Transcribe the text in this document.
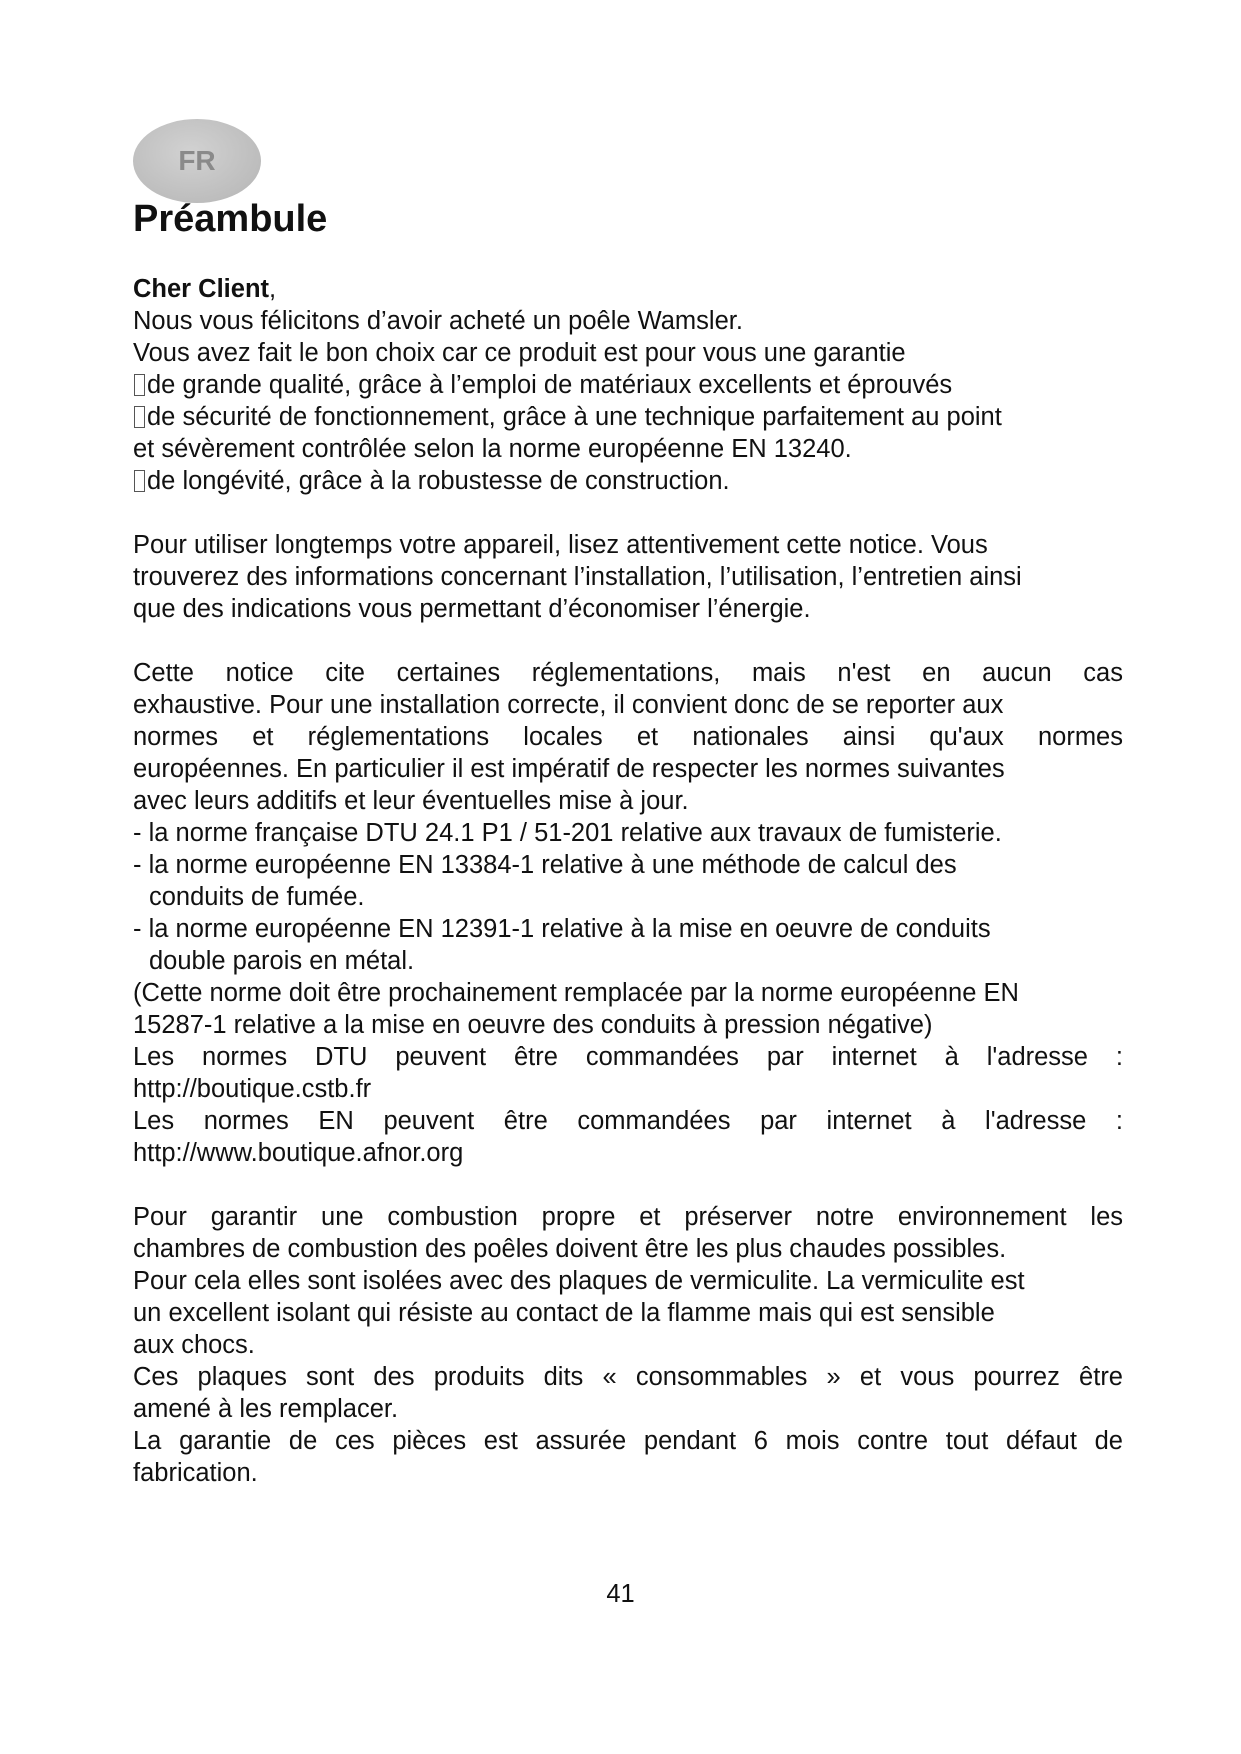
FR
Préambule

Cher Client,

Nous vous félicitons d’avoir acheté un poêle Wamsler.

Vous avez fait le bon choix car ce produit est pour vous une garantie

de grande qualité, grâce à l’emploi de matériaux excellents et éprouvés

de sécurité de fonctionnement, grâce à une technique parfaitement au point

et sévèrement contrôlée selon la norme européenne EN 13240.

de longévité, grâce à la robustesse de construction.

Pour utiliser longtemps votre appareil, lisez attentivement cette notice. Vous

trouverez des informations concernant l’installation, l’utilisation, l’entretien ainsi

que des indications vous permettant d’économiser l’énergie.

Cette notice cite certaines réglementations, mais n'est en aucun cas

exhaustive. Pour une installation correcte, il convient donc de se reporter aux

normes et réglementations locales et nationales ainsi qu'aux normes

européennes. En particulier il est impératif de respecter les normes suivantes

avec leurs additifs et leur éventuelles mise à jour.

- la norme française DTU 24.1 P1 / 51-201 relative aux travaux de fumisterie.

- la norme européenne EN 13384-1 relative à une méthode de calcul des

conduits de fumée.

- la norme européenne EN 12391-1 relative à la mise en oeuvre de conduits

double parois en métal.

(Cette norme doit être prochainement remplacée par la norme européenne EN

15287-1 relative a la mise en oeuvre des conduits à pression négative)

Les normes DTU peuvent être commandées par internet à l'adresse :

http://boutique.cstb.fr

Les normes EN peuvent être commandées par internet à l'adresse :

http://www.boutique.afnor.org

Pour garantir une combustion propre et préserver notre environnement les

chambres de combustion des poêles doivent être les plus chaudes possibles.

Pour cela elles sont isolées avec des plaques de vermiculite. La vermiculite est

un excellent isolant qui résiste au contact de la flamme mais qui est sensible

aux chocs.

Ces plaques sont des produits dits « consommables » et vous pourrez être

amené à les remplacer.

La garantie de ces pièces est assurée pendant 6 mois contre tout défaut de

fabrication.

41
